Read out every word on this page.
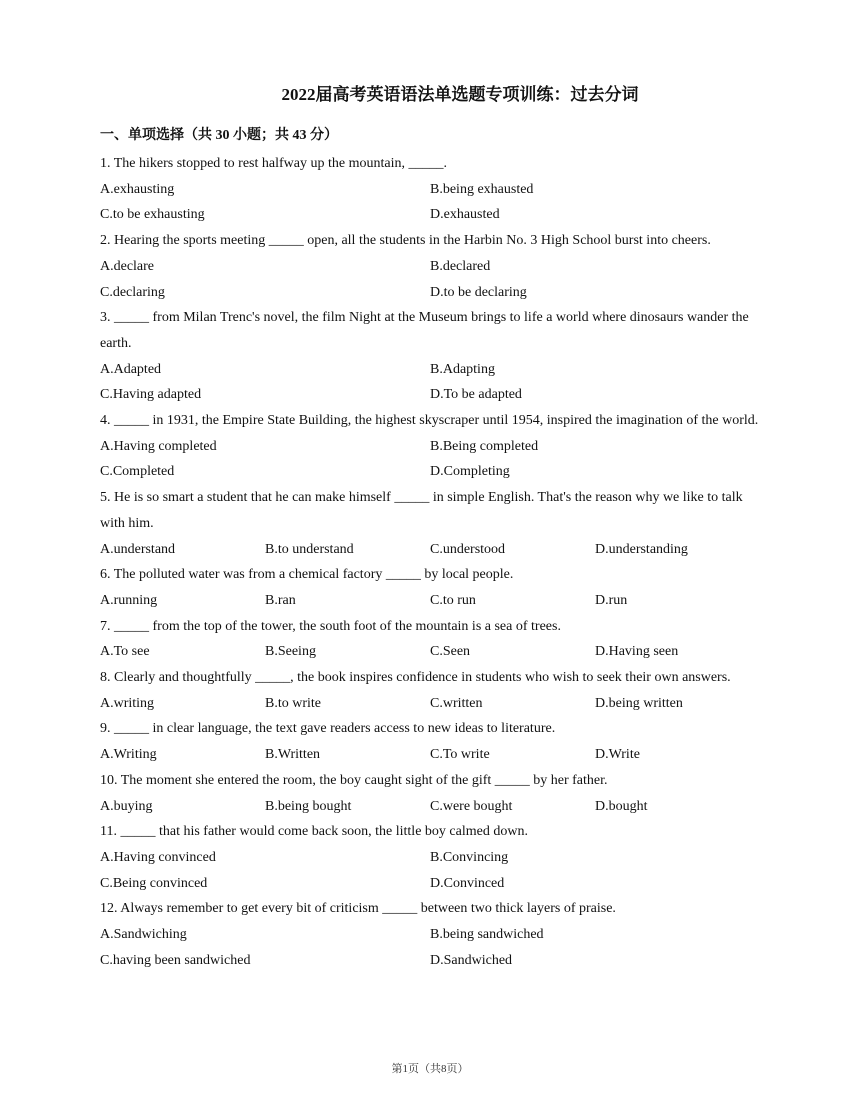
2022届高考英语语法单选题专项训练：过去分词
一、单项选择（共 30 小题；共 43 分）
1. The hikers stopped to rest halfway up the mountain, _____.
A.exhausting	B.being exhausted
C.to be exhausting	D.exhausted
2. Hearing the sports meeting _____ open, all the students in the Harbin No. 3 High School burst into cheers.
A.declare	B.declared
C.declaring	D.to be declaring
3. _____ from Milan Trenc's novel, the film Night at the Museum brings to life a world where dinosaurs wander the earth.
A.Adapted	B.Adapting
C.Having adapted	D.To be adapted
4. _____ in 1931, the Empire State Building, the highest skyscraper until 1954, inspired the imagination of the world.
A.Having completed	B.Being completed
C.Completed	D.Completing
5. He is so smart a student that he can make himself _____ in simple English. That's the reason why we like to talk with him.
A.understand	B.to understand	C.understood	D.understanding
6. The polluted water was from a chemical factory _____ by local people.
A.running	B.ran	C.to run	D.run
7. _____ from the top of the tower, the south foot of the mountain is a sea of trees.
A.To see	B.Seeing	C.Seen	D.Having seen
8. Clearly and thoughtfully _____, the book inspires confidence in students who wish to seek their own answers.
A.writing	B.to write	C.written	D.being written
9. _____ in clear language, the text gave readers access to new ideas to literature.
A.Writing	B.Written	C.To write	D.Write
10. The moment she entered the room, the boy caught sight of the gift _____ by her father.
A.buying	B.being bought	C.were bought	D.bought
11. _____ that his father would come back soon, the little boy calmed down.
A.Having convinced	B.Convincing
C.Being convinced	D.Convinced
12. Always remember to get every bit of criticism _____ between two thick layers of praise.
A.Sandwiching	B.being sandwiched
C.having been sandwiched	D.Sandwiched
第1页（共8页）
